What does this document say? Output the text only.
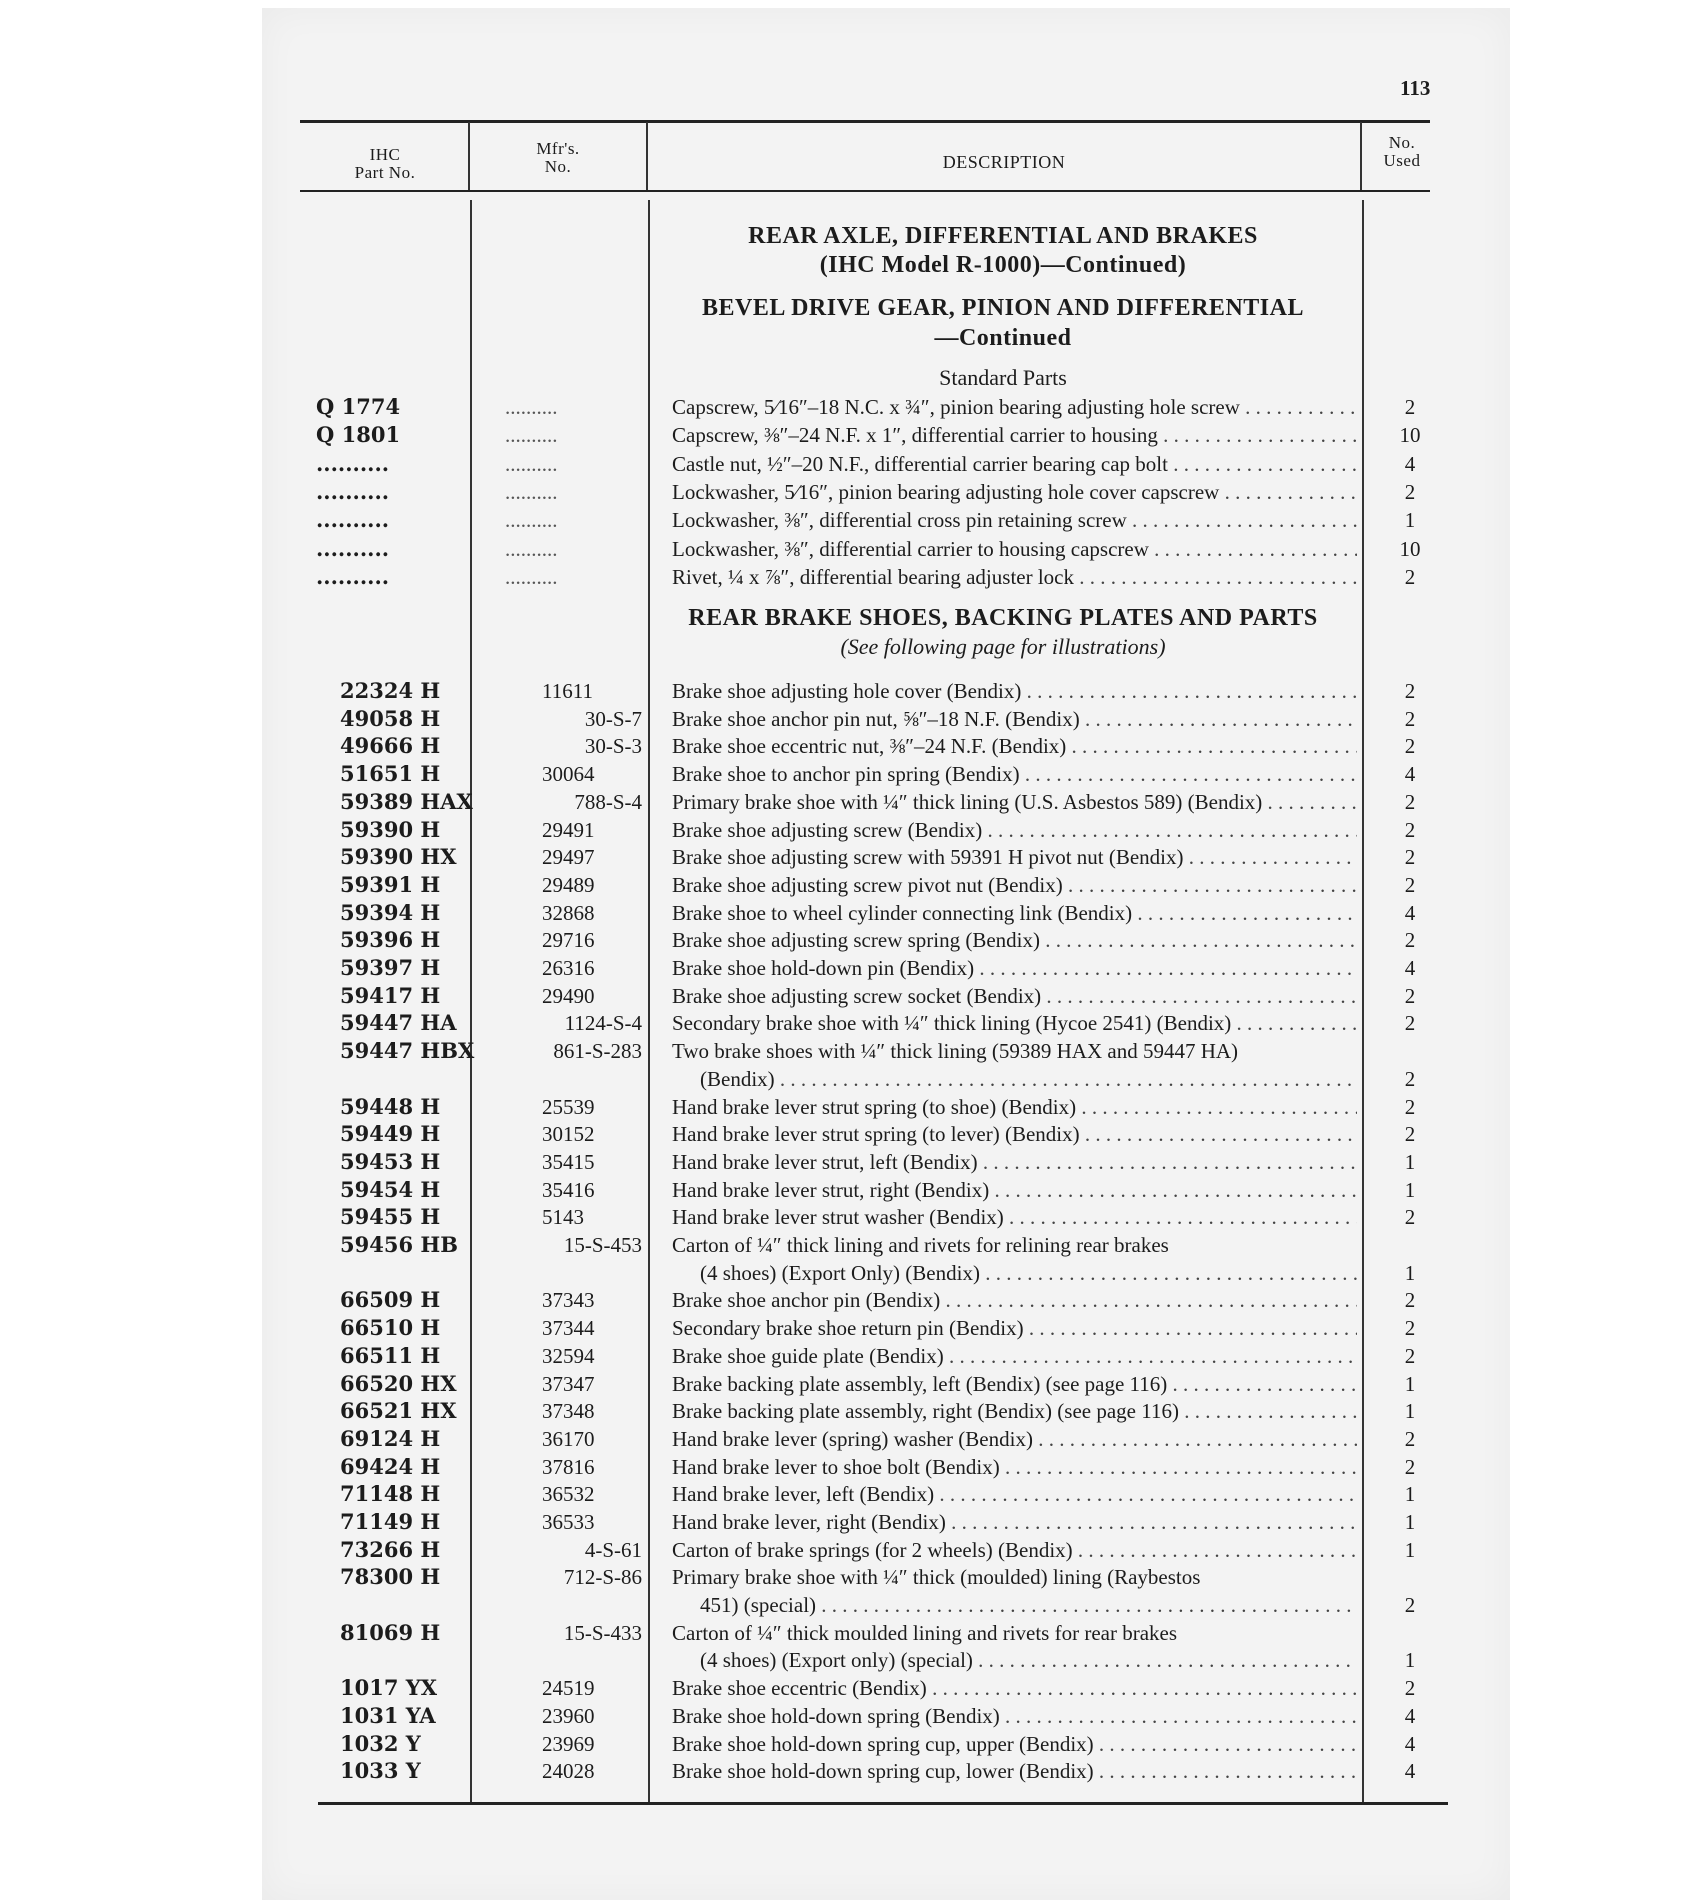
113
IHC
Part No.
Mfr's.
No.	DESCRIPTION
No.
Used
REAR AXLE, DIFFERENTIAL AND BRAKES
(IHC Model R-1000)—Continued)
BEVEL DRIVE GEAR, PINION AND DIFFERENTIAL
—Continued
Standard Parts
REAR BRAKE SHOES, BACKING PLATES AND PARTS
(See following page for illustrations)
Q 1774	..........	Capscrew, 5⁄16″–18 N.C. x ¾″, pinion bearing adjusting hole screw . . .	2
Q 1801	..........	Capscrew, ⅜″–24 N.F. x 1″, differential carrier to housing . . .	10
..........	..........	Castle nut, ½″–20 N.F., differential carrier bearing cap bolt . . .	4
..........	..........	Lockwasher, 5⁄16″, pinion bearing adjusting hole cover capscrew . . .	2
..........	..........	Lockwasher, ⅜″, differential cross pin retaining screw . . .	1
..........	..........	Lockwasher, ⅜″, differential carrier to housing capscrew . . .	10
..........	..........	Rivet, ¼ x ⅞″, differential bearing adjuster lock . . .	2
22324 H	11611	Brake shoe adjusting hole cover (Bendix) . . .	2
49058 H	30-S-7 Brake shoe anchor pin nut, ⅝″–18 N.F. (Bendix) . . .	2
49666 H	30-S-3 Brake shoe eccentric nut, ⅜″–24 N.F. (Bendix) . . .	2
51651 H	30064	Brake shoe to anchor pin spring (Bendix) . . .	4
59389 HAX	788-S-4 Primary brake shoe with ¼″ thick lining (U.S. Asbestos 589) (Bendix) . . .	2
59390 H	29491	Brake shoe adjusting screw (Bendix) . . .	2
59390 HX	29497	Brake shoe adjusting screw with 59391 H pivot nut (Bendix) . . .	2
59391 H	29489	Brake shoe adjusting screw pivot nut (Bendix) . . .	2
59394 H	32868	Brake shoe to wheel cylinder connecting link (Bendix) . . .	4
59396 H	29716	Brake shoe adjusting screw spring (Bendix) . . .	2
59397 H	26316	Brake shoe hold-down pin (Bendix) . . .	4
59417 H	29490	Brake shoe adjusting screw socket (Bendix) . . .	2
59447 HA	1124-S-4 Secondary brake shoe with ¼″ thick lining (Hycoe 2541) (Bendix) . . .	2
59447 HBX	861-S-283 Two brake shoes with ¼″ thick lining (59389 HAX and 59447 HA)
(Bendix) . . .	2
59448 H	25539	Hand brake lever strut spring (to shoe) (Bendix) . . .	2
59449 H	30152	Hand brake lever strut spring (to lever) (Bendix) . . .	2
59453 H	35415	Hand brake lever strut, left (Bendix) . . .	1
59454 H	35416	Hand brake lever strut, right (Bendix) . . .	1
59455 H	5143	Hand brake lever strut washer (Bendix) . . .	2
59456 HB	15-S-453 Carton of ¼″ thick lining and rivets for relining rear brakes
(4 shoes) (Export Only) (Bendix) . . .	1
66509 H	37343	Brake shoe anchor pin (Bendix) . . .	2
66510 H	37344	Secondary brake shoe return pin (Bendix) . . .	2
66511 H	32594	Brake shoe guide plate (Bendix) . . .	2
66520 HX	37347	Brake backing plate assembly, left (Bendix) (see page 116) . . .	1
66521 HX	37348	Brake backing plate assembly, right (Bendix) (see page 116) . . .	1
69124 H	36170	Hand brake lever (spring) washer (Bendix) . . .	2
69424 H	37816	Hand brake lever to shoe bolt (Bendix) . . .	2
71148 H	36532	Hand brake lever, left (Bendix) . . .	1
71149 H	36533	Hand brake lever, right (Bendix) . . .	1
73266 H	4-S-61 Carton of brake springs (for 2 wheels) (Bendix) . . .	1
78300 H	712-S-86 Primary brake shoe with ¼″ thick (moulded) lining (Raybestos
451) (special) . . .	2
81069 H	15-S-433 Carton of ¼″ thick moulded lining and rivets for rear brakes
(4 shoes) (Export only) (special) . . .	1
1017 YX	24519	Brake shoe eccentric (Bendix) . . .	2
1031 YA	23960	Brake shoe hold-down spring (Bendix) . . .	4
1032 Y	23969	Brake shoe hold-down spring cup, upper (Bendix) . . .	4
1033 Y	24028	Brake shoe hold-down spring cup, lower (Bendix) . . .	4
